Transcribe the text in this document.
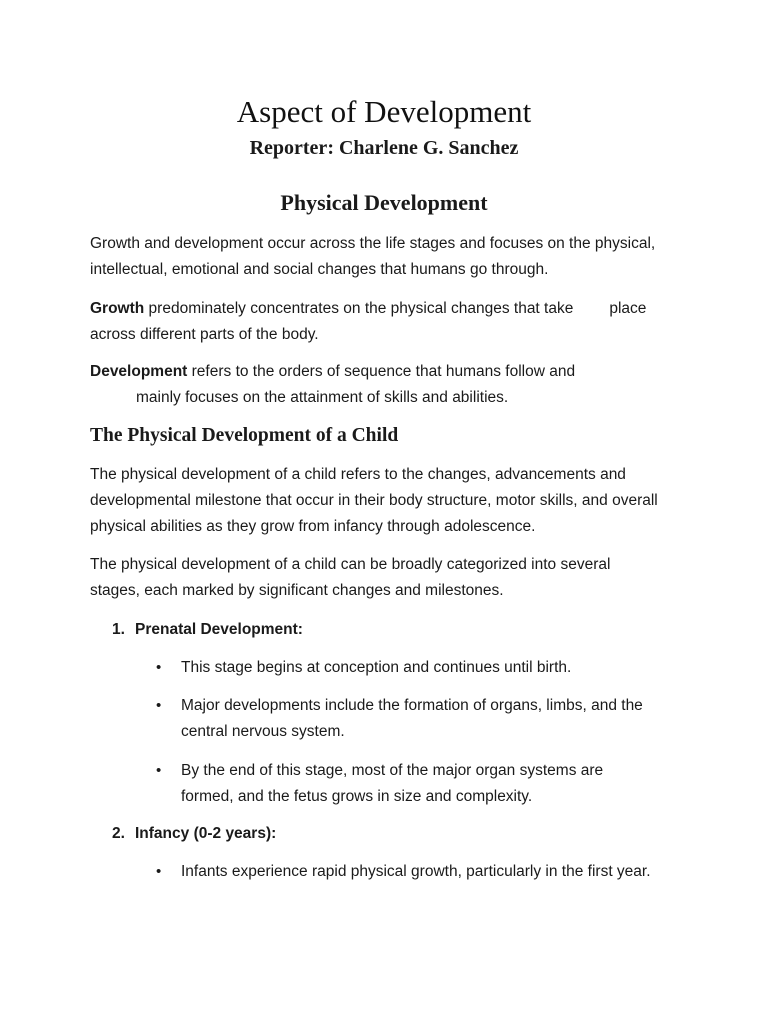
Aspect of Development
Reporter: Charlene G. Sanchez
Physical Development

Growth and development occur across the life stages and focuses on the physical, intellectual, emotional and social changes that humans go through.

Growth predominately concentrates on the physical changes that take place across different parts of the body.

Development refers to the orders of sequence that humans follow and
mainly focuses on the attainment of skills and abilities.

The Physical Development of a Child

The physical development of a child refers to the changes, advancements and developmental milestone that occur in their body structure, motor skills, and overall physical abilities as they grow from infancy through adolescence.

The physical development of a child can be broadly categorized into several stages, each marked by significant changes and milestones.

1. Prenatal Development:
•	This stage begins at conception and continues until birth.
•	Major developments include the formation of organs, limbs, and the central nervous system.
•	By the end of this stage, most of the major organ systems are formed, and the fetus grows in size and complexity.
2. Infancy (0-2 years):
•	Infants experience rapid physical growth, particularly in the first year.
